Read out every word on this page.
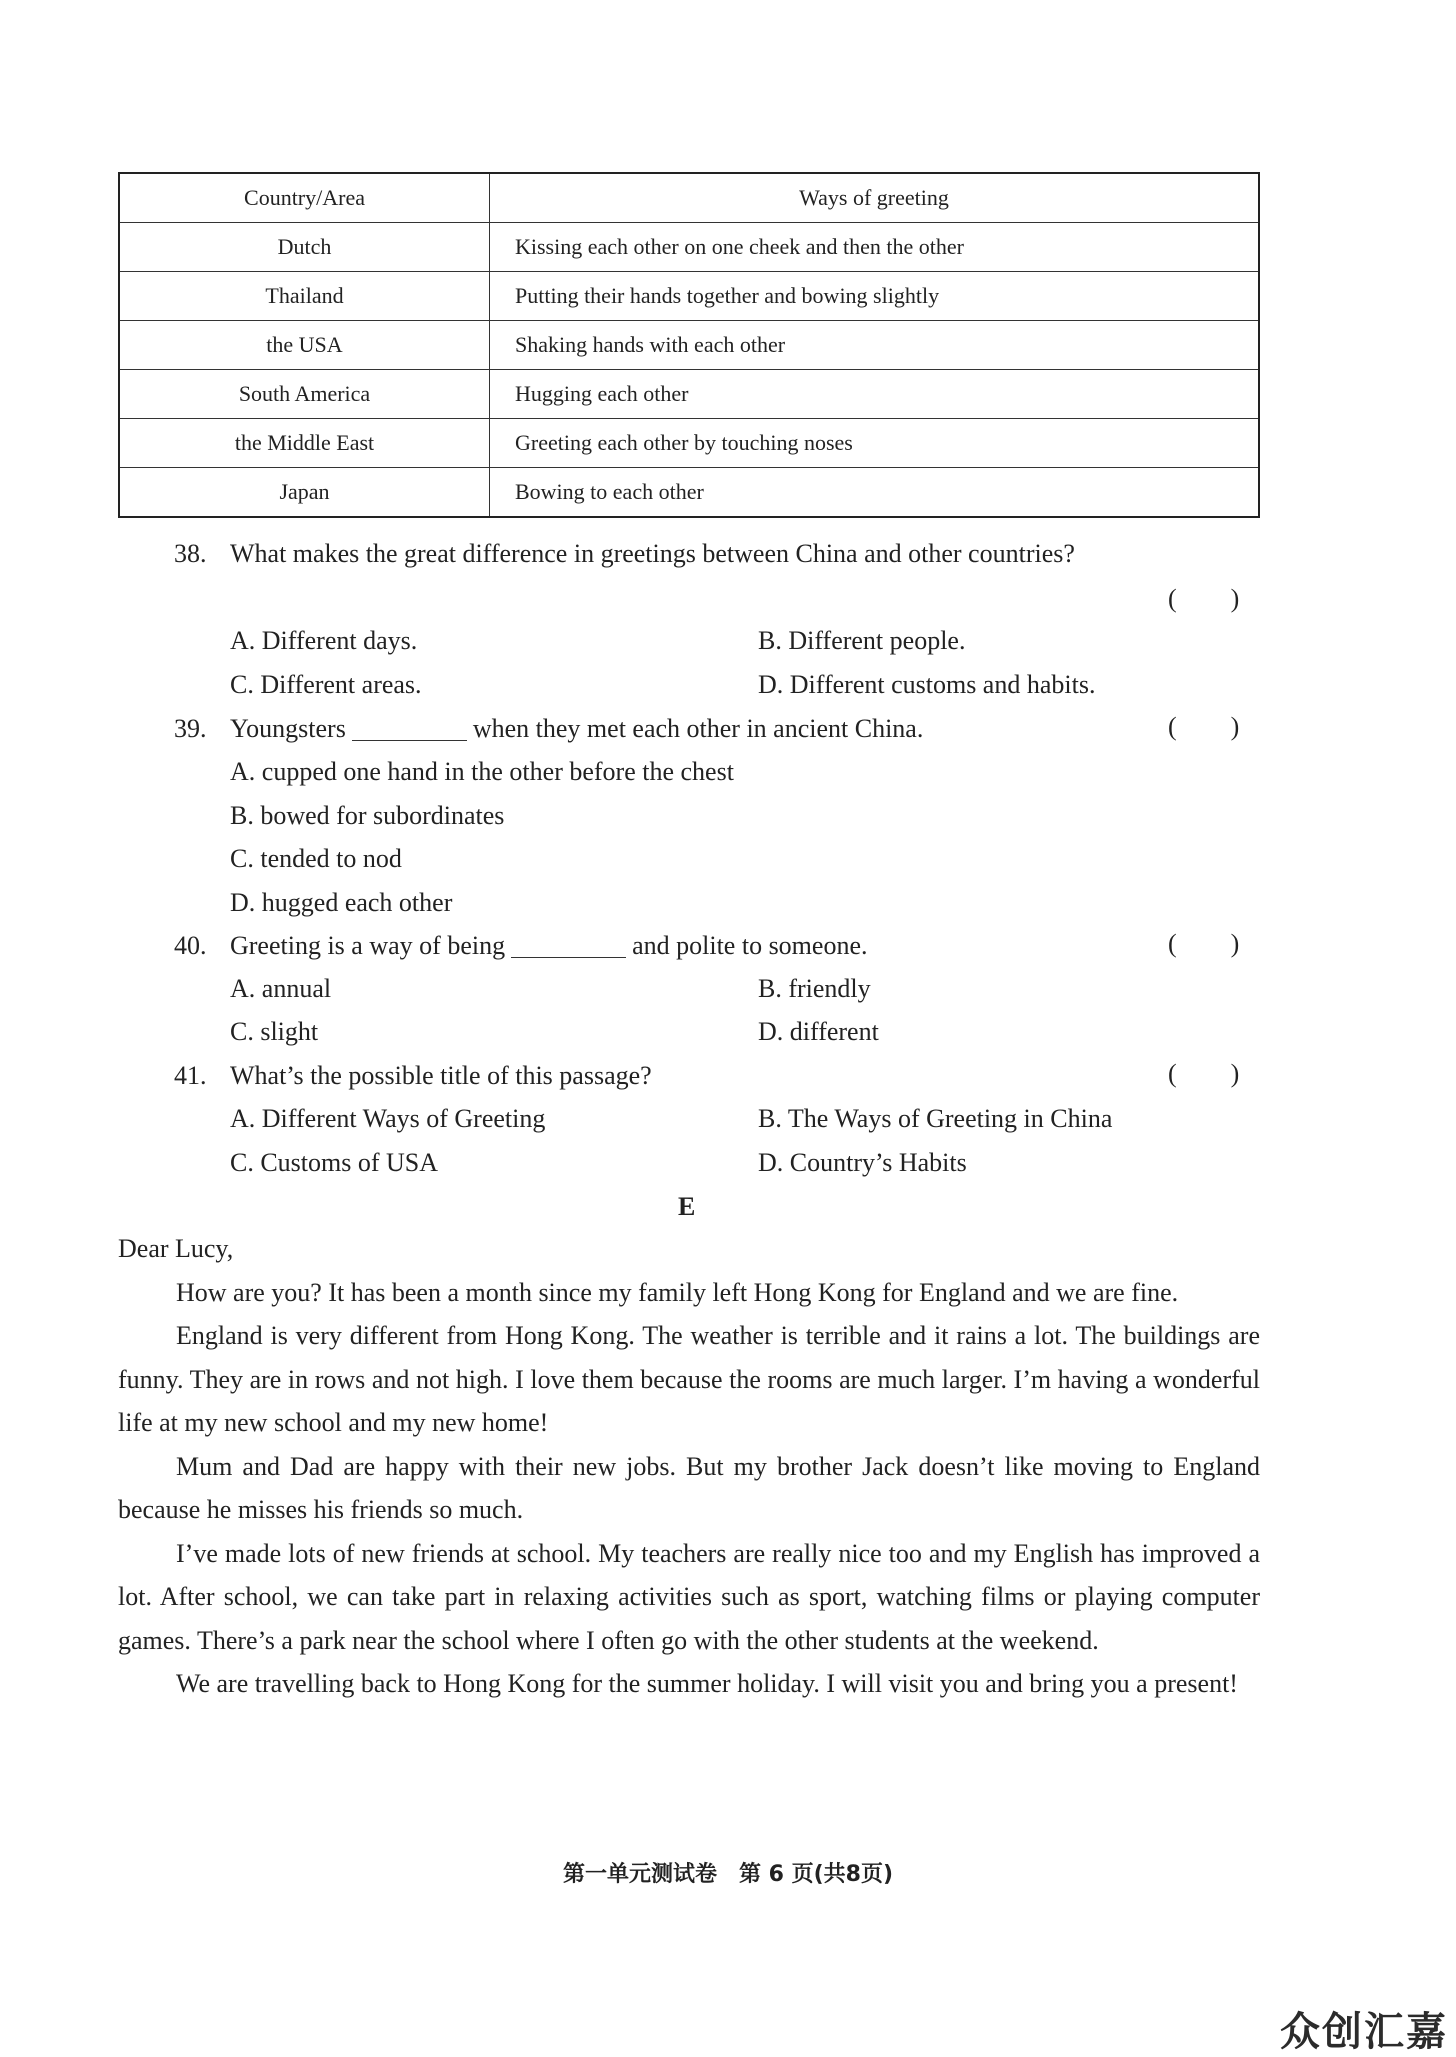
Country/Area	Ways of greeting
Dutch	Kissing each other on one cheek and then the other
Thailand	Putting their hands together and bowing slightly
the USA	Shaking hands with each other
South America	Hugging each other
the Middle East	Greeting each other by touching noses
Japan	Bowing to each other
38. What makes the great difference in greetings between China and other countries?
( )
A. Different days.	B. Different people.
C. Different areas.	D. Different customs and habits.
39. Youngsters	when they met each other in ancient China.	( )
A. cupped one hand in the other before the chest
B. bowed for subordinates
C. tended to nod
D. hugged each other
40. Greeting is a way of being	and polite to someone.	( )
A. annual	B. friendly
C. slight	D. different
41. What’s the possible title of this passage?	( )
A. Different Ways of Greeting	B. The Ways of Greeting in China
C. Customs of USA	D. Country’s Habits
E

Dear Lucy,

How are you? It has been a month since my family left Hong Kong for England and we are fine.

England is very different from Hong Kong. The weather is terrible and it rains a lot. The buildings are funny. They are in rows and not high. I love them because the rooms are much larger. I’m having a wonderful life at my new school and my new home!

Mum and Dad are happy with their new jobs. But my brother Jack doesn’t like moving to England because he misses his friends so much.

I’ve made lots of new friends at school. My teachers are really nice too and my English has improved a lot. After school, we can take part in relaxing activities such as sport, watching films or playing computer games. There’s a park near the school where I often go with the other students at the weekend.

We are travelling back to Hong Kong for the summer holiday. I will visit you and bring you a present!

第一单元测试卷　第 6 页(共8页)
众创汇嘉
